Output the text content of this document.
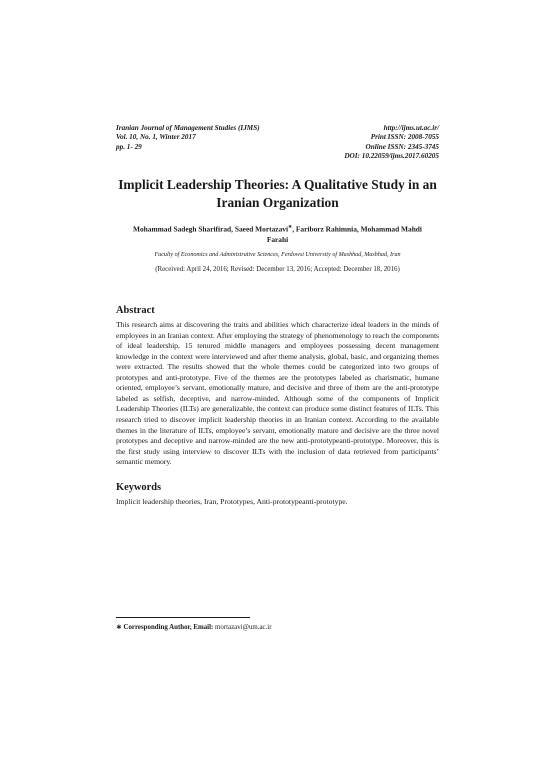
Iranian Journal of Management Studies (IJMS)	http://ijms.ut.ac.ir/
Vol. 10, No. 1, Winter 2017	Print ISSN: 2008-7055
pp. 1- 29	Online ISSN: 2345-3745
DOI: 10.22059/ijms.2017.60205
Implicit Leadership Theories: A Qualitative Study in an Iranian Organization
Mohammad Sadegh Sharifirad, Saeed Mortazavi∗, Fariborz Rahimnia, Mohammad Mahdi Farahi
Faculty of Economics and Administrative Sciences, Ferdowsi University of Mashhad, Mashhad, Iran
(Received: April 24, 2016; Revised: December 13, 2016; Accepted: December 18, 2016)
Abstract
This research aims at discovering the traits and abilities which characterize ideal leaders in the minds of employees in an Iranian context. After employing the strategy of phenomenology to reach the components of ideal leadership, 15 tenured middle managers and employees possessing decent management knowledge in the context were interviewed and after theme analysis, global, basic, and organizing themes were extracted. The results showed that the whole themes could be categorized into two groups of prototypes and anti-prototype. Five of the themes are the prototypes labeled as charismatic, humane oriented, employee’s servant, emotionally mature, and decisive and three of them are the anti-prototype labeled as selfish, deceptive, and narrow-minded. Although some of the components of Implicit Leadership Theories (ILTs) are generalizable, the context can produce some distinct features of ILTs. This research tried to discover implicit leadership theories in an Iranian context. According to the available themes in the literature of ILTs, employee’s servant, emotionally mature and decisive are the three novel prototypes and deceptive and narrow-minded are the new anti-prototypeanti-prototype. Moreover, this is the first study using interview to discover ILTs with the inclusion of data retrieved from participants’ semantic memory.
Keywords
Implicit leadership theories, Iran, Prototypes, Anti-prototypeanti-prototype.
∗ Corresponding Author, Email: mortazavi@um.ac.ir
